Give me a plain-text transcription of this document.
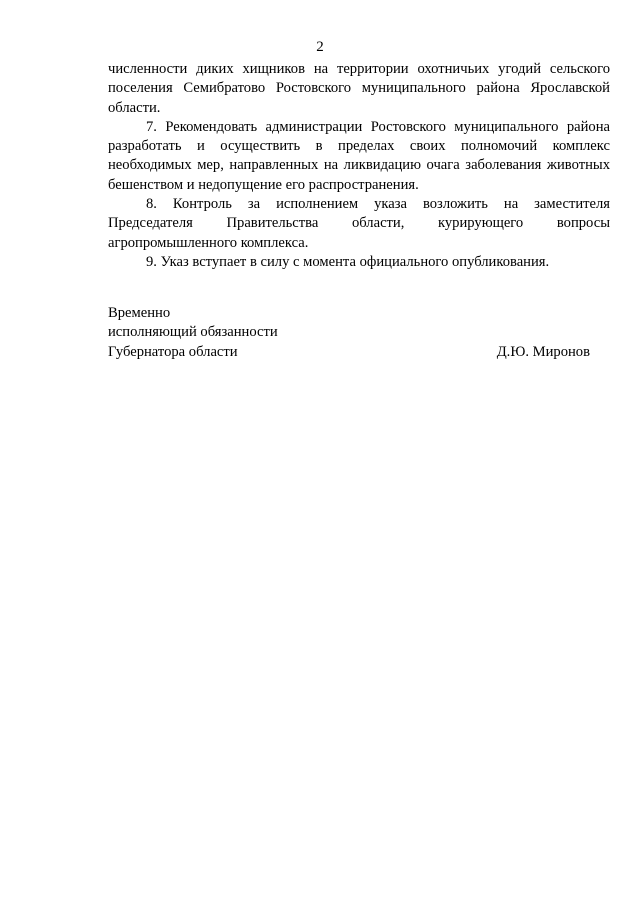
2

численности диких хищников на территории охотничьих угодий сельского поселения Семибратово Ростовского муниципального района Ярославской области.

7. Рекомендовать администрации Ростовского муниципального района разработать и осуществить в пределах своих полномочий комплекс необходимых мер, направленных на ликвидацию очага заболевания животных бешенством и недопущение его распространения.

8. Контроль за исполнением указа возложить на заместителя Председателя Правительства области, курирующего вопросы агропромышленного комплекса.

9. Указ вступает в силу с момента официального опубликования.

Временно
исполняющий обязанности
Губернатора области	Д.Ю. Миронов
